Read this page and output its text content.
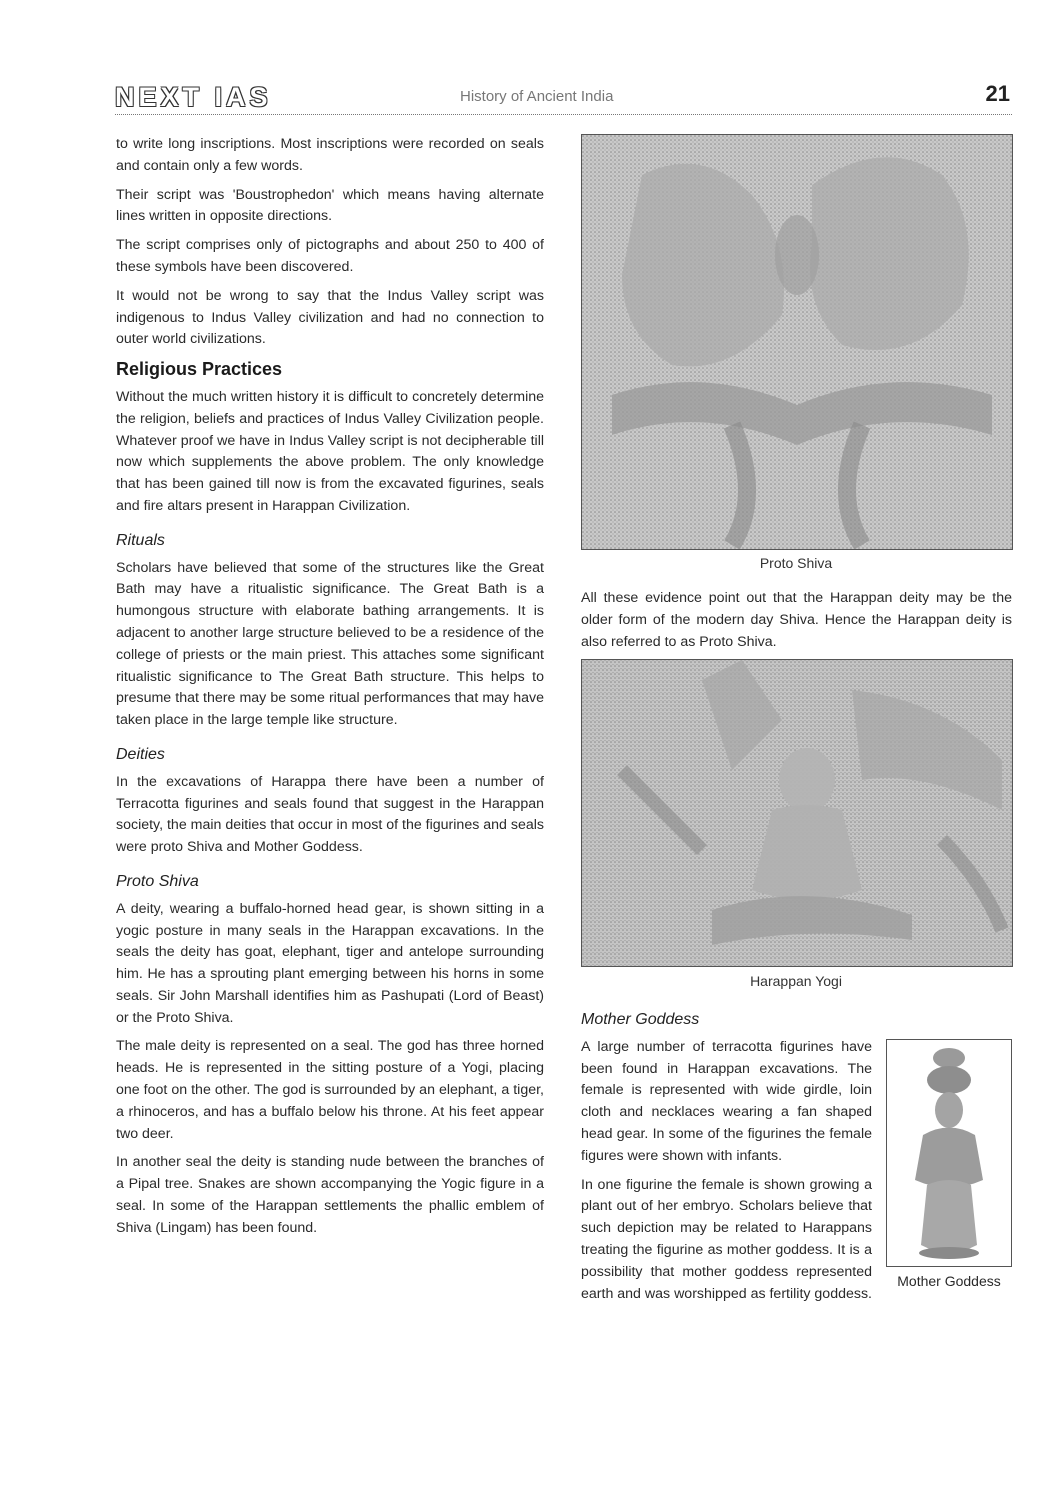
NEXT IAS	History of Ancient India	21

to write long inscriptions. Most inscriptions were recorded on seals and contain only a few words.

Their script was 'Boustrophedon' which means having alternate lines written in opposite directions.

The script comprises only of pictographs and about 250 to 400 of these symbols have been discovered.

It would not be wrong to say that the Indus Valley script was indigenous to Indus Valley civilization and had no connection to outer world civilizations.

Religious Practices

Without the much written history it is difficult to concretely determine the religion, beliefs and practices of Indus Valley Civilization people. Whatever proof we have in Indus Valley script is not decipherable till now which supplements the above problem. The only knowledge that has been gained till now is from the excavated figurines, seals and fire altars present in Harappan Civilization.

Rituals

Scholars have believed that some of the structures like the Great Bath may have a ritualistic significance. The Great Bath is a humongous structure with elaborate bathing arrangements. It is adjacent to another large structure believed to be a residence of the college of priests or the main priest. This attaches some significant ritualistic significance to The Great Bath structure. This helps to presume that there may be some ritual performances that may have taken place in the large temple like structure.

Deities

In the excavations of Harappa there have been a number of Terracotta figurines and seals found that suggest in the Harappan society, the main deities that occur in most of the figurines and seals were proto Shiva and Mother Goddess.

Proto Shiva

A deity, wearing a buffalo-horned head gear, is shown sitting in a yogic posture in many seals in the Harappan excavations. In the seals the deity has goat, elephant, tiger and antelope surrounding him. He has a sprouting plant emerging between his horns in some seals. Sir John Marshall identifies him as Pashupati (Lord of Beast) or the Proto Shiva.

The male deity is represented on a seal. The god has three horned heads. He is represented in the sitting posture of a Yogi, placing one foot on the other. The god is surrounded by an elephant, a tiger, a rhinoceros, and has a buffalo below his throne. At his feet appear two deer.

In another seal the deity is standing nude between the branches of a Pipal tree. Snakes are shown accompanying the Yogic figure in a seal. In some of the Harappan settlements the phallic emblem of Shiva (Lingam) has been found.

Proto Shiva

All these evidence point out that the Harappan deity may be the older form of the modern day Shiva. Hence the Harappan deity is also referred to as Proto Shiva.

Harappan Yogi
Mother Goddess
Mother Goddess

A large number of terracotta figurines have been found in Harappan excavations. The female is represented with wide girdle, loin cloth and necklaces wearing a fan shaped head gear. In some of the figurines the female figures were shown with infants.

In one figurine the female is shown growing a plant out of her embryo. Scholars believe that such depiction may be related to Harappans treating the figurine as mother goddess. It is a possibility that mother goddess represented earth and was worshipped as fertility goddess.
